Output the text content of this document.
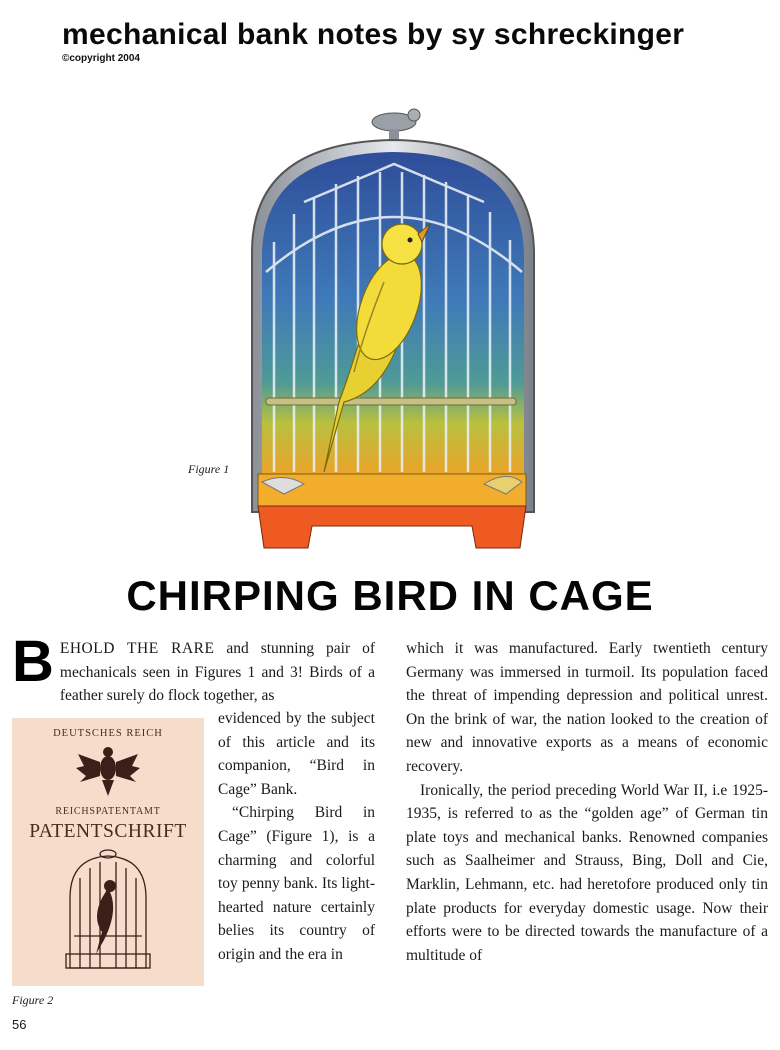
mechanical bank notes by sy schreckinger
©copyright 2004
Figure 1
CHIRPING BIRD IN CAGE

BEHOLD THE RARE and stunning pair of mechanicals seen in Figures 1 and 3! Birds of a feather surely do flock together, as

DEUTSCHES REICH
REICHSPATENTAMT
PATENTSCHRIFT
Figure 2

evidenced by the subject of this article and its companion, “Bird in Cage” Bank.

“Chirping Bird in Cage” (Figure 1), is a charming and colorful toy penny bank. Its light-hearted nature certainly belies its country of origin and the era in

which it was manufactured. Early twentieth century Germany was immersed in turmoil. Its population faced the threat of impending depression and political unrest. On the brink of war, the nation looked to the creation of new and innovative exports as a means of economic recovery.

Ironically, the period preceding World War II, i.e 1925-1935, is referred to as the “golden age” of German tin plate toys and mechanical banks. Renowned companies such as Saalheimer and Strauss, Bing, Doll and Cie, Marklin, Lehmann, etc. had heretofore produced only tin plate products for everyday domestic usage. Now their efforts were to be directed towards the manufacture of a multitude of

56
